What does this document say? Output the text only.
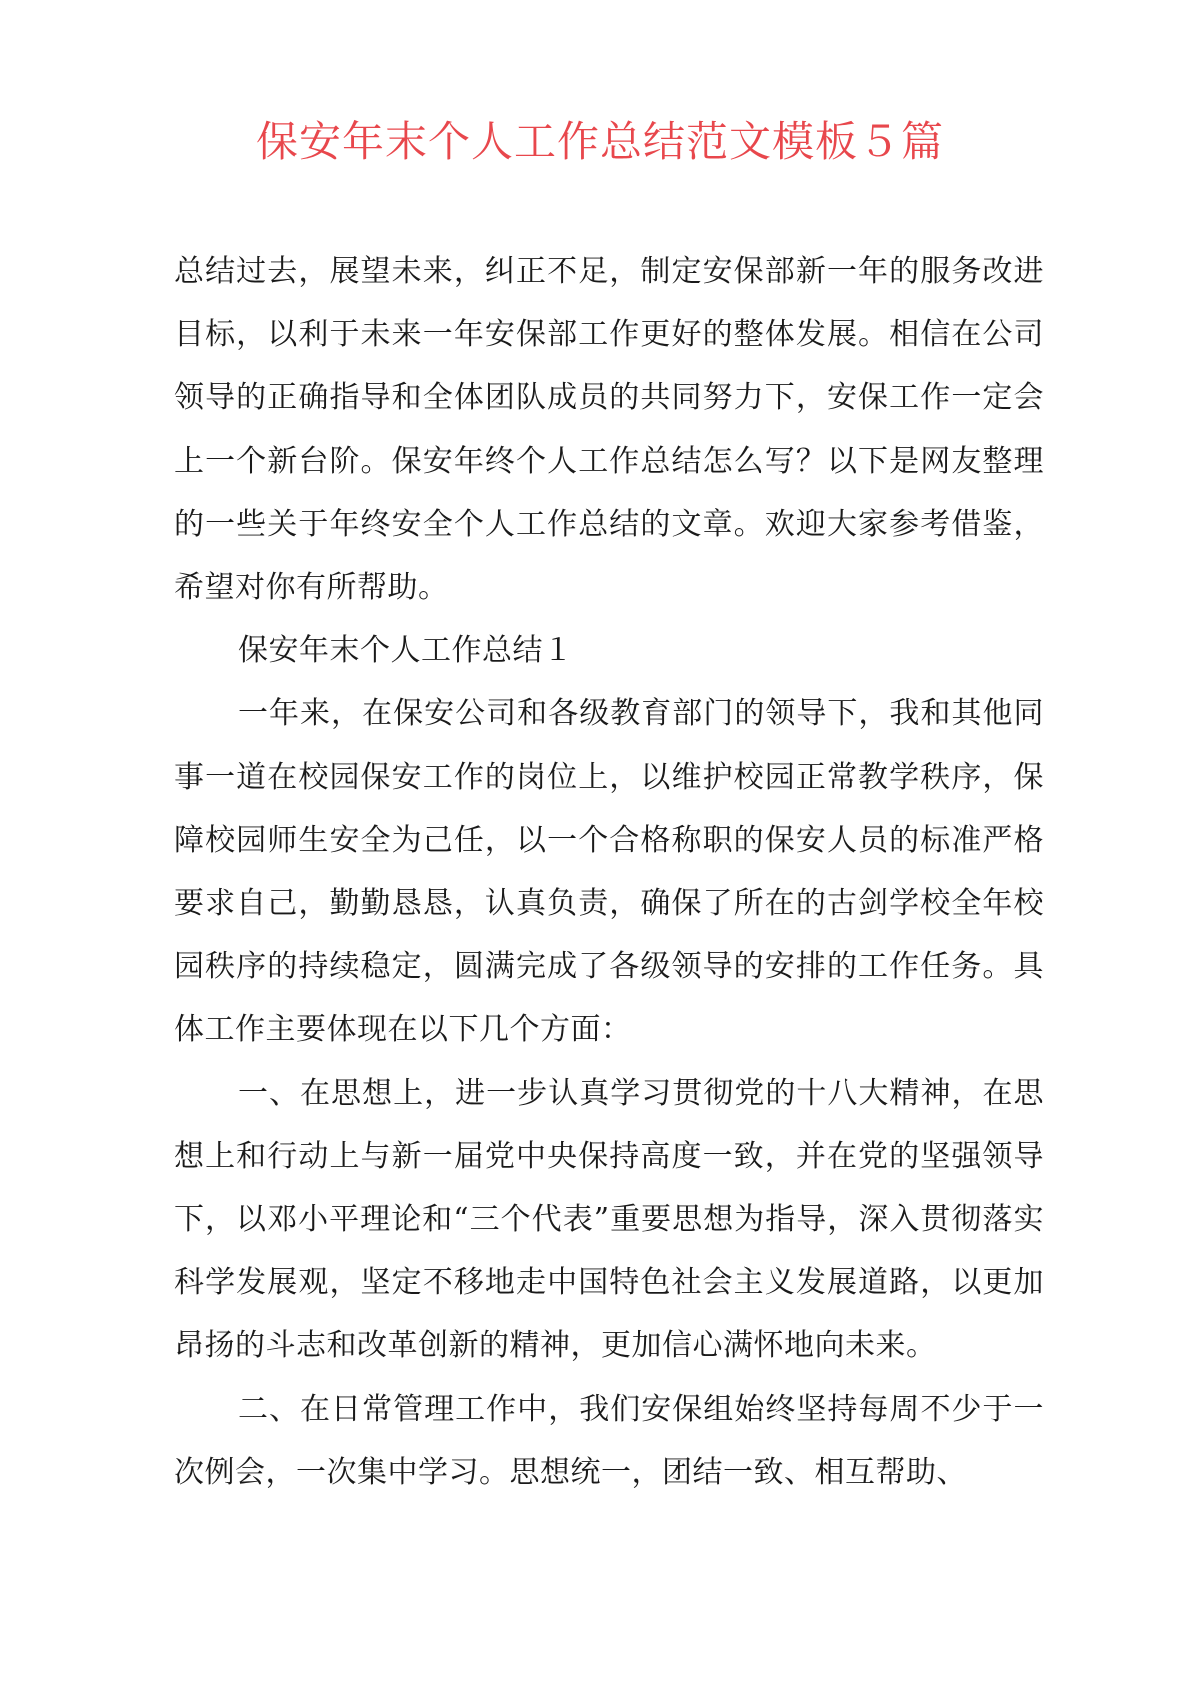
保安年末个人工作总结范文模板５篇

总结过去，展望未来，纠正不足，制定安保部新一年的服务改进目标，以利于未来一年安保部工作更好的整体发展。相信在公司领导的正确指导和全体团队成员的共同努力下，安保工作一定会上一个新台阶。保安年终个人工作总结怎么写？以下是网友整理的一些关于年终安全个人工作总结的文章。欢迎大家参考借鉴，希望对你有所帮助。

保安年末个人工作总结１

一年来，在保安公司和各级教育部门的领导下，我和其他同事一道在校园保安工作的岗位上，以维护校园正常教学秩序，保障校园师生安全为己任，以一个合格称职的保安人员的标准严格要求自己，勤勤恳恳，认真负责，确保了所在的古剑学校全年校园秩序的持续稳定，圆满完成了各级领导的安排的工作任务。具体工作主要体现在以下几个方面：

一、在思想上，进一步认真学习贯彻党的十八大精神，在思想上和行动上与新一届党中央保持高度一致，并在党的坚强领导下，以邓小平理论和“三个代表”重要思想为指导，深入贯彻落实科学发展观，坚定不移地走中国特色社会主义发展道路，以更加昂扬的斗志和改革创新的精神，更加信心满怀地向未来。

二、在日常管理工作中，我们安保组始终坚持每周不少于一次例会，一次集中学习。思想统一，团结一致、相互帮助、
